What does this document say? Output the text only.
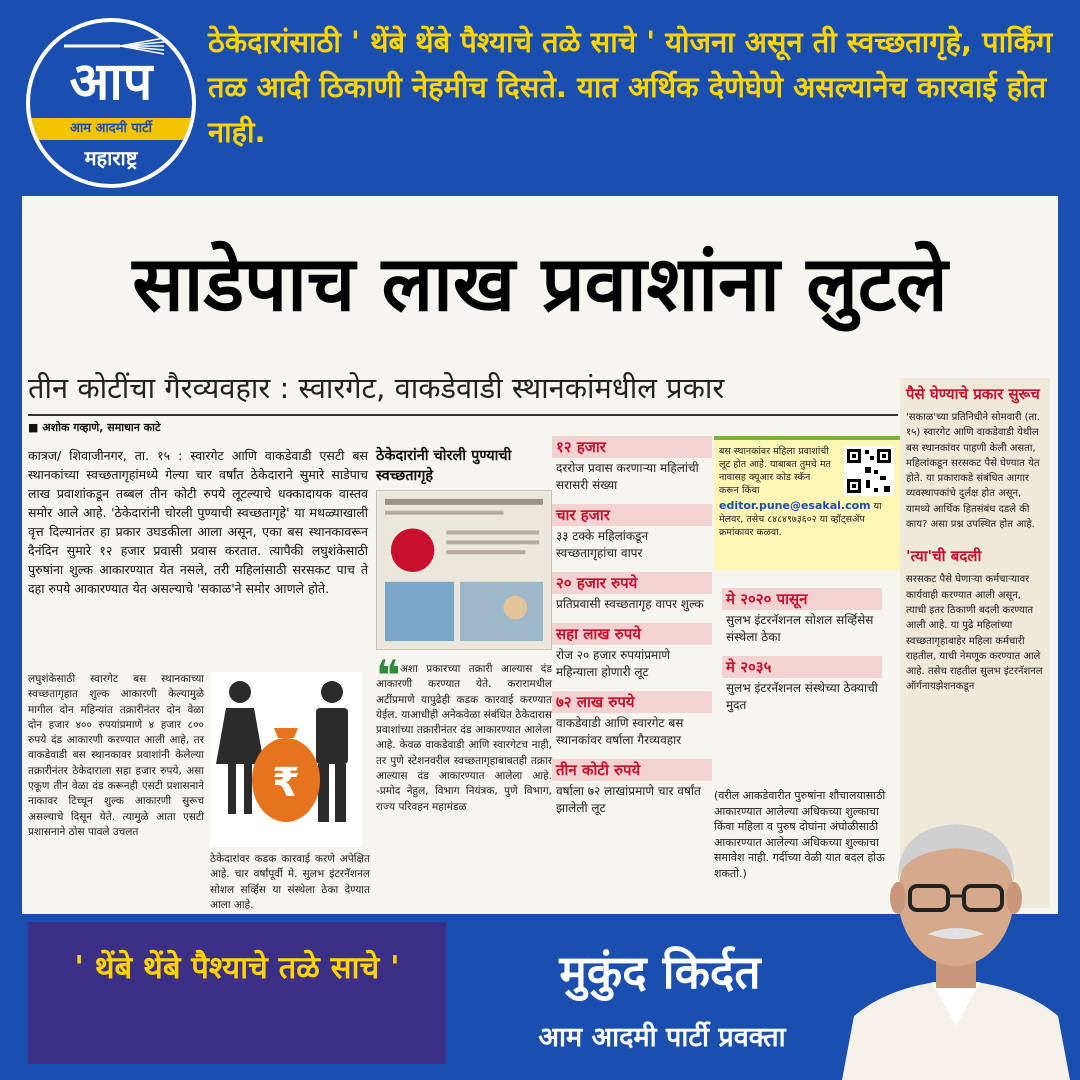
आप
आम आदमी पार्टी
महाराष्ट्र
ठेकेदारांसाठी ' थेंबे थेंबे पैश्याचे तळे साचे ' योजना असून ती स्वच्छतागृहे, पार्किंग तळ आदी ठिकाणी नेहमीच दिसते. यात अर्थिक देणेघेणे असल्यानेच कारवाई होत नाही.
साडेपाच लाख प्रवाशांना लुटले
तीन कोटींचा गैरव्यवहार : स्वारगेट, वाकडेवाडी स्थानकांमधील प्रकार
■ अशोक गव्हाणे, समाधान काटे
कात्रज/ शिवाजीनगर, ता. १५ : स्वारगेट आणि वाकडेवाडी एसटी बस स्थानकांच्या स्वच्छतागृहांमध्ये गेल्या चार वर्षांत ठेकेदाराने सुमारे साडेपाच लाख प्रवाशांकडून तब्बल तीन कोटी रुपये लूटल्याचे धक्कादायक वास्तव समोर आले आहे. 'ठेकेदारांनी चोरली पुण्याची स्वच्छतागृहे' या मथळ्याखाली वृत्त दिल्यानंतर हा प्रकार उघडकीला आला असून, एका बस स्थानकावरून दैनंदिन सुमारे १२ हजार प्रवासी प्रवास करतात. त्यापैकी लघुशंकेसाठी पुरुषांना शुल्क आकारण्यात येत नसले, तरी महिलांसाठी सरसकट पाच ते दहा रुपये आकारण्यात येत असल्याचे 'सकाळ'ने समोर आणले होते.
लघुशंकेसाठी स्वारगेट बस स्थानकाच्या स्वच्छतागृहात शुल्क आकारणी केल्यामुळे मागील दोन महिन्यांत तक्रारीनंतर दोन वेळा दोन हजार ४०० रुपयांप्रमाणे ४ हजार ८०० रुपये दंड आकारणी करण्यात आली आहे, तर वाकडेवाडी बस स्थानकावर प्रवाशांनी केलेल्या तक्रारीनंतर ठेकेदाराला सहा हजार रुपये, असा एकूण तीन वेळा दंड करूनही एसटी प्रशासनाने नाकावर टिच्चून शुल्क आकारणी सुरूच असल्याचे दिसून येते. त्यामुळे आता एसटी प्रशासनाने ठोस पावले उचलत
₹
ठेकेदारांवर कडक कारवाई करणे अपेक्षित आहे. चार वर्षांपूर्वी मे. सुलभ इंटरनॅशनल सोशल सर्व्हिस या संस्थेला ठेका देण्यात आला आहे.
ठेकेदारांनी चोरली पुण्याची स्वच्छतागृहे
❝ अशा प्रकारच्या तक्रारी आल्यास दंड आकारणी करण्यात येते. करारामधील अटींप्रमाणे यापुढेही कडक कारवाई करण्यात येईल. याआधीही अनेकवेळा संबंधित ठेकेदारास प्रवाशांच्या तक्रारीनंतर दंड आकारण्यात आलेला आहे. केवळ वाकडेवाडी आणि स्वारगेटच नाही, तर पुणे स्टेशनवरील स्वच्छतागृहाबाबतही तक्रार आल्यास दंड आकारण्यात आलेला आहे. -प्रमोद नेहुल, विभाग नियंत्रक, पुणे विभाग, राज्य परिवहन महामंडळ
१२ हजार
दररोज प्रवास करणाऱ्या महिलांची सरासरी संख्या
चार हजार
३३ टक्के महिलांकडून स्वच्छतागृहांचा वापर
२० हजार रुपये
प्रतिप्रवासी स्वच्छतागृह वापर शुल्क
सहा लाख रुपये
रोज २० हजार रुपयांप्रमाणे महिन्याला होणारी लूट
७२ लाख रुपये
वाकडेवाडी आणि स्वारगेट बस स्थानकांवर वर्षाला गैरव्यवहार
तीन कोटी रुपये
वर्षाला ७२ लाखांप्रमाणे चार वर्षांत झालेली लूट
बस स्थानकांवर महिला प्रवाशांची लूट होत आहे. याबाबत तुमचे मत नावासह क्यूआर कोड स्कॅन करून किंवा
editor.pune@esakal.com या मेलवर, तसेच ८४८४९७३६०२ या व्हॉट्सॲप क्रमांकावर कळवा.
मे २०२० पासून
सुलभ इंटरनॅशनल सोशल सर्व्हिसेस संस्थेला ठेका
मे २०३५
सुलभ इंटरनॅशनल संस्थेच्या ठेक्याची मुदत
(वरील आकडेवारीत पुरुषांना शौचालयासाठी आकारण्यात आलेल्या अधिकच्या शुल्काचा किंवा महिला व पुरुष दोघांना अंघोळीसाठी आकारण्यात आलेल्या अधिकच्या शुल्काचा समावेश नाही. गर्दीच्या वेळी यात बदल होऊ शकतो.)
पैसे घेण्याचे प्रकार सुरूच
'सकाळ'च्या प्रतिनिधीने सोमवारी (ता. १५) स्वारगेट आणि वाकडेवाडी येथील बस स्थानकांवर पाहणी केली असता, महिलांकडून सरसकट पैसे घेण्यात येत होते. या प्रकाराकडे संबंधित आगार व्यवस्थापकांचे दुर्लक्ष होत असून, यामध्ये आर्थिक हितसंबंध दडले की काय? असा प्रश्न उपस्थित होत आहे.
'त्या'ची बदली
सरसकट पैसे घेणाऱ्या कर्मचाऱ्यावर कार्यवाही करण्यात आली असून, त्याची इतर ठिकाणी बदली करण्यात आली आहे. या पुढे महिलांच्या स्वच्छतागृहाबाहेर महिला कर्मचारी राहतील, याची नेमणूक करण्यात आले आहे. तसेच राहतील सुलभ इंटरनॅशनल ऑर्गनायझेशनकडून
' थेंबे थेंबे पैश्याचे तळे साचे '	मुकुंद किर्दत
आम आदमी पार्टी प्रवक्ता
